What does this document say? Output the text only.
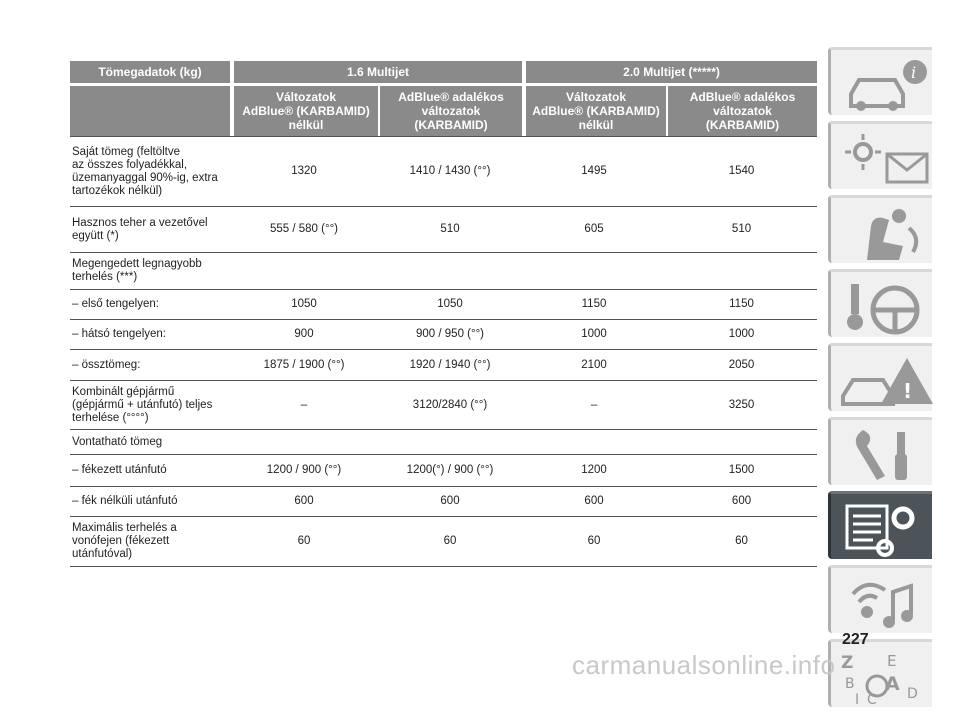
Tömegadatok (kg)	1.6 Multijet		2.0 Multijet (*****)	
	Változatok
AdBlue® (KARBAMID)
nélkül	AdBlue® adalékos
változatok
(KARBAMID)	Változatok
AdBlue® (KARBAMID)
nélkül	AdBlue® adalékos
változatok
(KARBAMID)
Saját tömeg (feltöltve
az összes folyadékkal,
üzemanyaggal 90%-ig, extra
tartozékok nélkül)	1320	1410 / 1430 (°°)	1495	1540
Hasznos teher a vezetővel
együtt (*)	555 / 580 (°°)	510	605	510
Megengedett legnagyobb
terhelés (***)				
– első tengelyen:	1050	1050	1150	1150
– hátsó tengelyen:	900	900 / 950 (°°)	1000	1000
– össztömeg:	1875 / 1900 (°°)	1920 / 1940 (°°)	2100	2050
Kombinált gépjármű
(gépjármű + utánfutó) teljes
terhelése (°°°°)	–	3120/2840 (°°)	–	3250
Vontatható tömeg				
– fékezett utánfutó	1200 / 900 (°°)	1200(°) / 900 (°°)	1200	1500
– fék nélküli utánfutó	600	600	600	600
Maximális terhelés a
vonófejen (fékezett
utánfutóval)	60	60	60	60
i
!
Z E
B A
I C D
227
carmanualsonline.info
